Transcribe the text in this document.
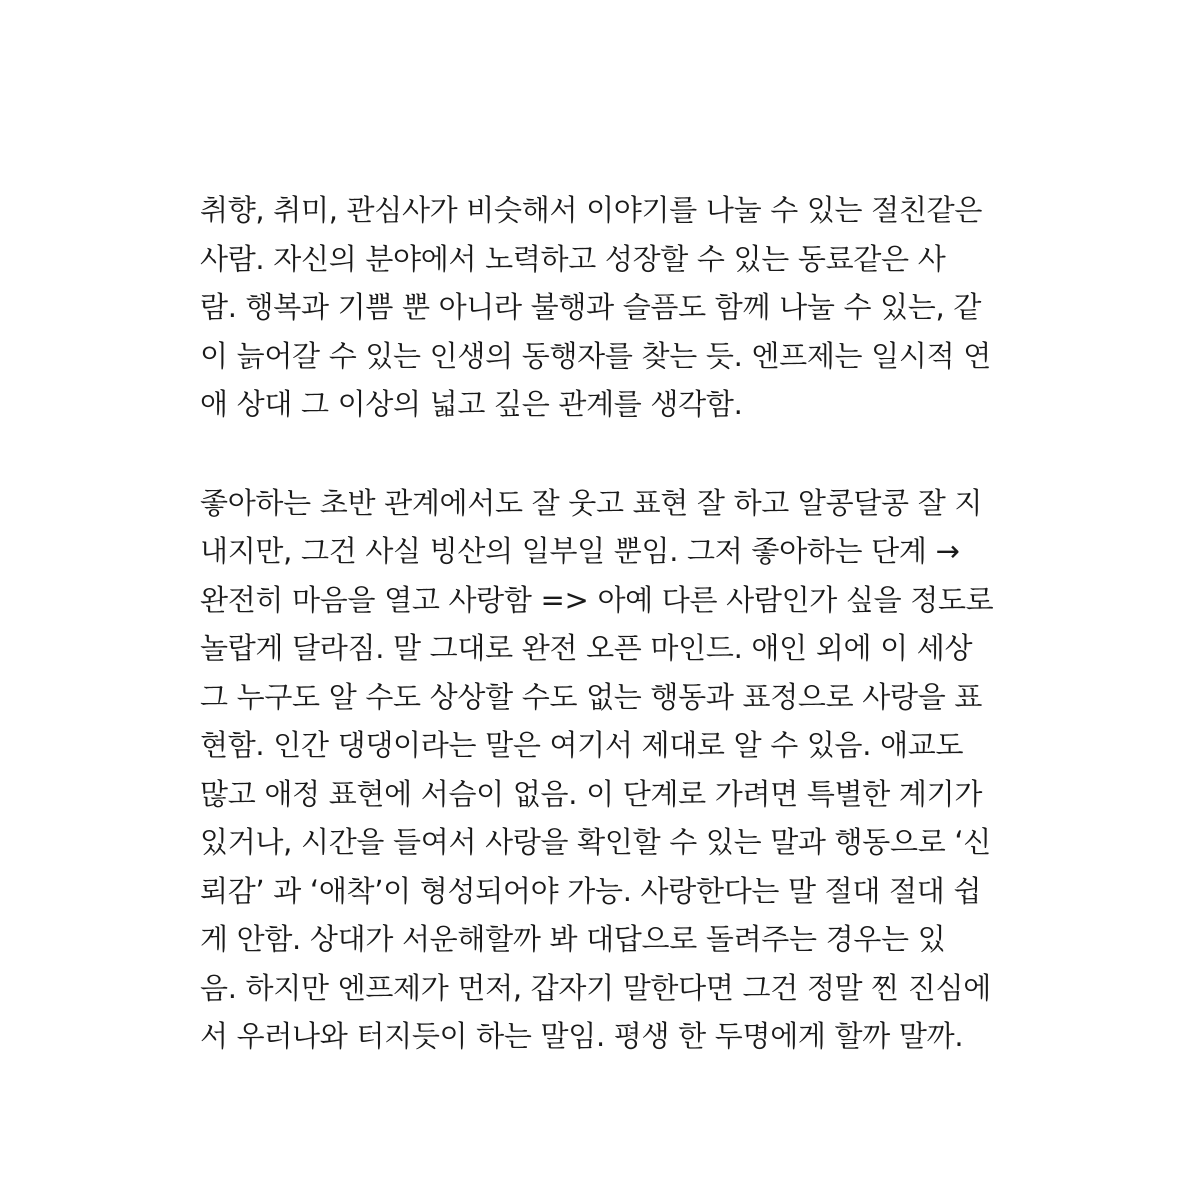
취향, 취미, 관심사가 비슷해서 이야기를 나눌 수 있는 절친같은
사람. 자신의 분야에서 노력하고 성장할 수 있는 동료같은 사
람. 행복과 기쁨 뿐 아니라 불행과 슬픔도 함께 나눌 수 있는, 같
이 늙어갈 수 있는 인생의 동행자를 찾는 듯. 엔프제는 일시적 연
애 상대 그 이상의 넓고 깊은 관계를 생각함.

좋아하는 초반 관계에서도 잘 웃고 표현 잘 하고 알콩달콩 잘 지
내지만, 그건 사실 빙산의 일부일 뿐임. 그저 좋아하는 단계 →
완전히 마음을 열고 사랑함 => 아예 다른 사람인가 싶을 정도로
놀랍게 달라짐. 말 그대로 완전 오픈 마인드. 애인 외에 이 세상
그 누구도 알 수도 상상할 수도 없는 행동과 표정으로 사랑을 표
현함. 인간 댕댕이라는 말은 여기서 제대로 알 수 있음. 애교도
많고 애정 표현에 서슴이 없음. 이 단계로 가려면 특별한 계기가
있거나, 시간을 들여서 사랑을 확인할 수 있는 말과 행동으로 ‘신
뢰감’ 과 ‘애착’이 형성되어야 가능. 사랑한다는 말 절대 절대 쉽
게 안함. 상대가 서운해할까 봐 대답으로 돌려주는 경우는 있
음. 하지만 엔프제가 먼저, 갑자기 말한다면 그건 정말 찐 진심에
서 우러나와 터지듯이 하는 말임. 평생 한 두명에게 할까 말까.
